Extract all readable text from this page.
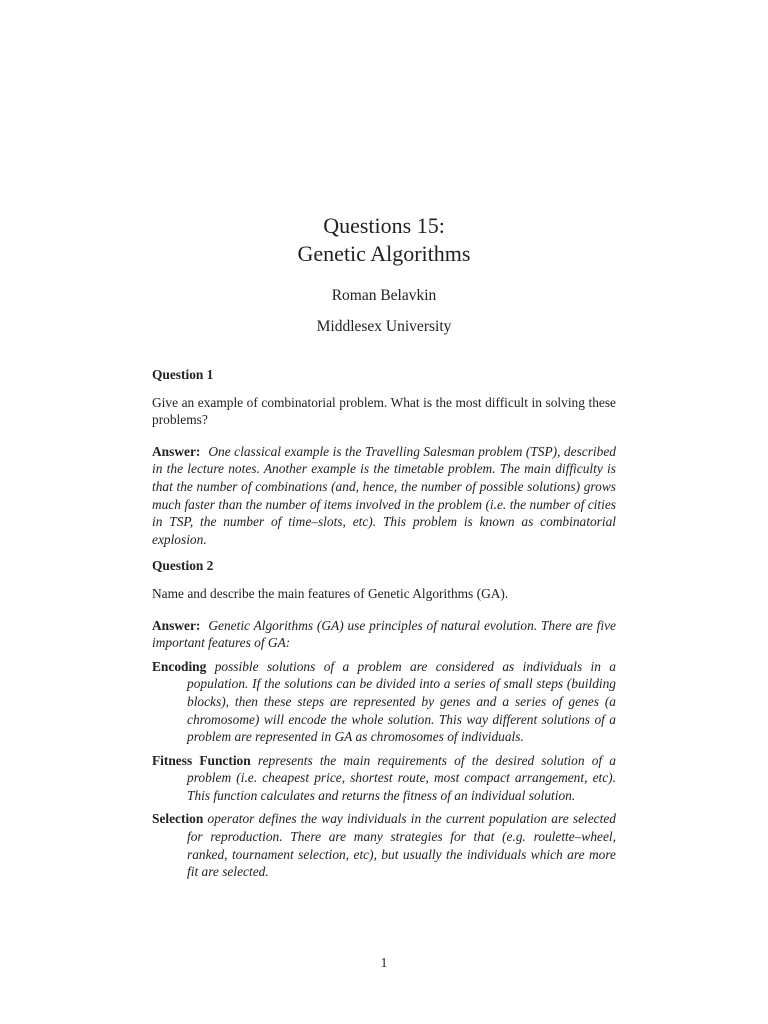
Questions 15:
Genetic Algorithms
Roman Belavkin
Middlesex University

Question 1

Give an example of combinatorial problem. What is the most difficult in solving these problems?

Answer: One classical example is the Travelling Salesman problem (TSP), described in the lecture notes. Another example is the timetable problem. The main difficulty is that the number of combinations (and, hence, the number of possible solutions) grows much faster than the number of items involved in the problem (i.e. the number of cities in TSP, the number of time–slots, etc). This problem is known as combinatorial explosion.

Question 2

Name and describe the main features of Genetic Algorithms (GA).

Answer: Genetic Algorithms (GA) use principles of natural evolution. There are five important features of GA:

Encoding possible solutions of a problem are considered as individuals in a population. If the solutions can be divided into a series of small steps (building blocks), then these steps are represented by genes and a series of genes (a chromosome) will encode the whole solution. This way different solutions of a problem are represented in GA as chromosomes of individuals.

Fitness Function represents the main requirements of the desired solution of a problem (i.e. cheapest price, shortest route, most compact arrangement, etc). This function calculates and returns the fitness of an individual solution.

Selection operator defines the way individuals in the current population are selected for reproduction. There are many strategies for that (e.g. roulette–wheel, ranked, tournament selection, etc), but usually the individuals which are more fit are selected.

1
